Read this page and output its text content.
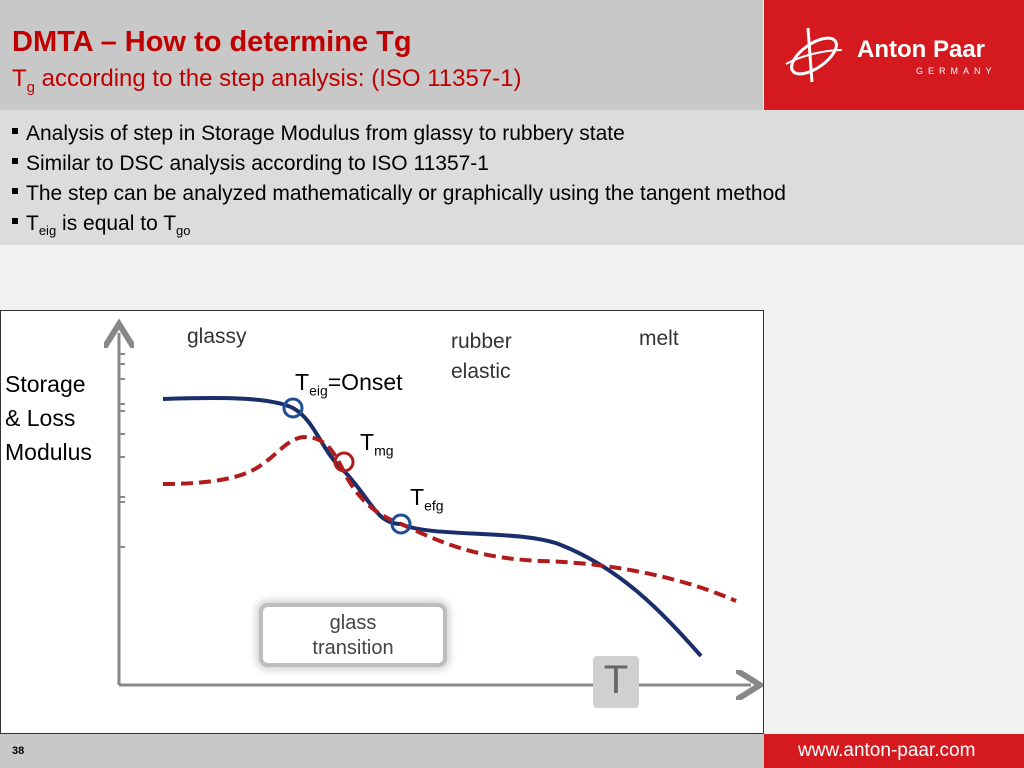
DMTA – How to determine Tg
$T_g$ according to the step analysis: (ISO 11357-1)
Anton Paar
GERMANY
Analysis of step in Storage Modulus from glassy to rubbery state
Similar to DSC analysis according to ISO 11357-1
The step can be analyzed mathematically or graphically using the tangent method
$T_{eig}$ is equal to $T_{go}$
Storage
& Loss
Modulus
glassy	rubber
elastic
melt
$T_{eig}=Onset$
$T_{mg}$
$T_{efg}$
glass
transition
T
38	www.anton-paar.com
